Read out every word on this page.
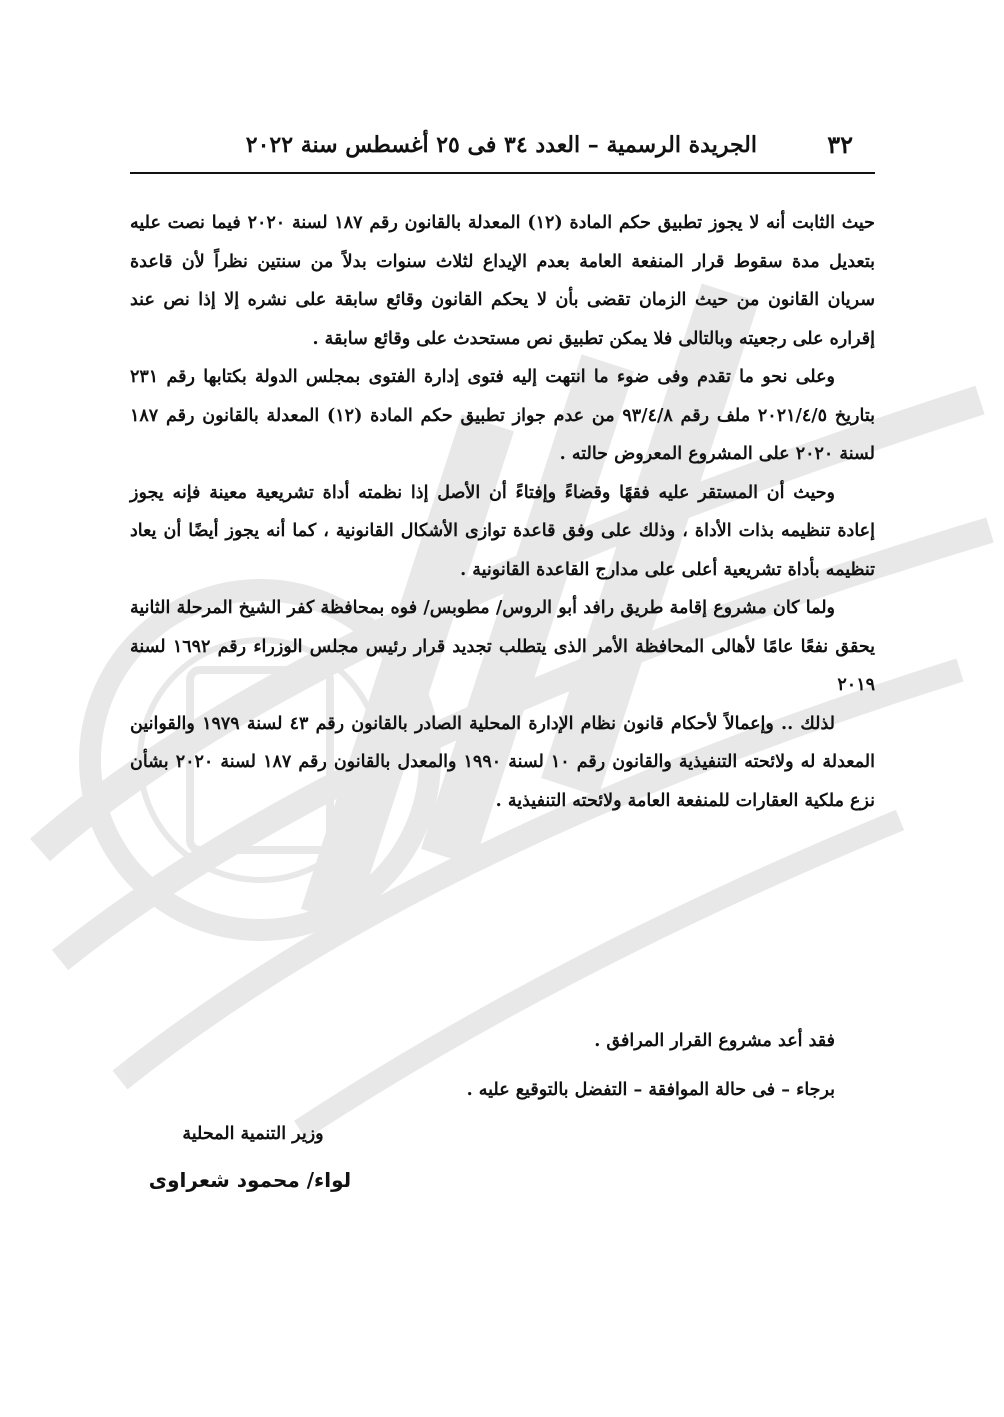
٣٢
الجريدة الرسمية – العدد ٣٤ فى ٢٥ أغسطس سنة ٢٠٢٢

حيث الثابت أنه لا يجوز تطبيق حكم المادة (١٢) المعدلة بالقانون رقم ١٨٧ لسنة ٢٠٢٠ فيما نصت عليه بتعديل مدة سقوط قرار المنفعة العامة بعدم الإيداع لثلاث سنوات بدلاً من سنتين نظراً لأن قاعدة سريان القانون من حيث الزمان تقضى بأن لا يحكم القانون وقائع سابقة على نشره إلا إذا نص عند إقراره على رجعيته وبالتالى فلا يمكن تطبيق نص مستحدث على وقائع سابقة .

وعلى نحو ما تقدم وفى ضوء ما انتهت إليه فتوى إدارة الفتوى بمجلس الدولة بكتابها رقم ٢٣١ بتاريخ ٢٠٢١/٤/٥ ملف رقم ٩٣/٤/٨ من عدم جواز تطبيق حكم المادة (١٢) المعدلة بالقانون رقم ١٨٧ لسنة ٢٠٢٠ على المشروع المعروض حالته .

وحيث أن المستقر عليه فقهًا وقضاءً وإفتاءً أن الأصل إذا نظمته أداة تشريعية معينة فإنه يجوز إعادة تنظيمه بذات الأداة ، وذلك على وفق قاعدة توازى الأشكال القانونية ، كما أنه يجوز أيضًا أن يعاد تنظيمه بأداة تشريعية أعلى على مدارج القاعدة القانونية .

ولما كان مشروع إقامة طريق رافد أبو الروس/ مطوبس/ فوه بمحافظة كفر الشيخ المرحلة الثانية يحقق نفعًا عامًا لأهالى المحافظة الأمر الذى يتطلب تجديد قرار رئيس مجلس الوزراء رقم ١٦٩٢ لسنة ٢٠١٩

لذلك .. وإعمالاً لأحكام قانون نظام الإدارة المحلية الصادر بالقانون رقم ٤٣ لسنة ١٩٧٩ والقوانين المعدلة له ولائحته التنفيذية والقانون رقم ١٠ لسنة ١٩٩٠ والمعدل بالقانون رقم ١٨٧ لسنة ٢٠٢٠ بشأن نزع ملكية العقارات للمنفعة العامة ولائحته التنفيذية .

فقد أعد مشروع القرار المرافق .
برجاء – فى حالة الموافقة – التفضل بالتوقيع عليه .
وزير التنمية المحلية
لواء/ محمود شعراوى
